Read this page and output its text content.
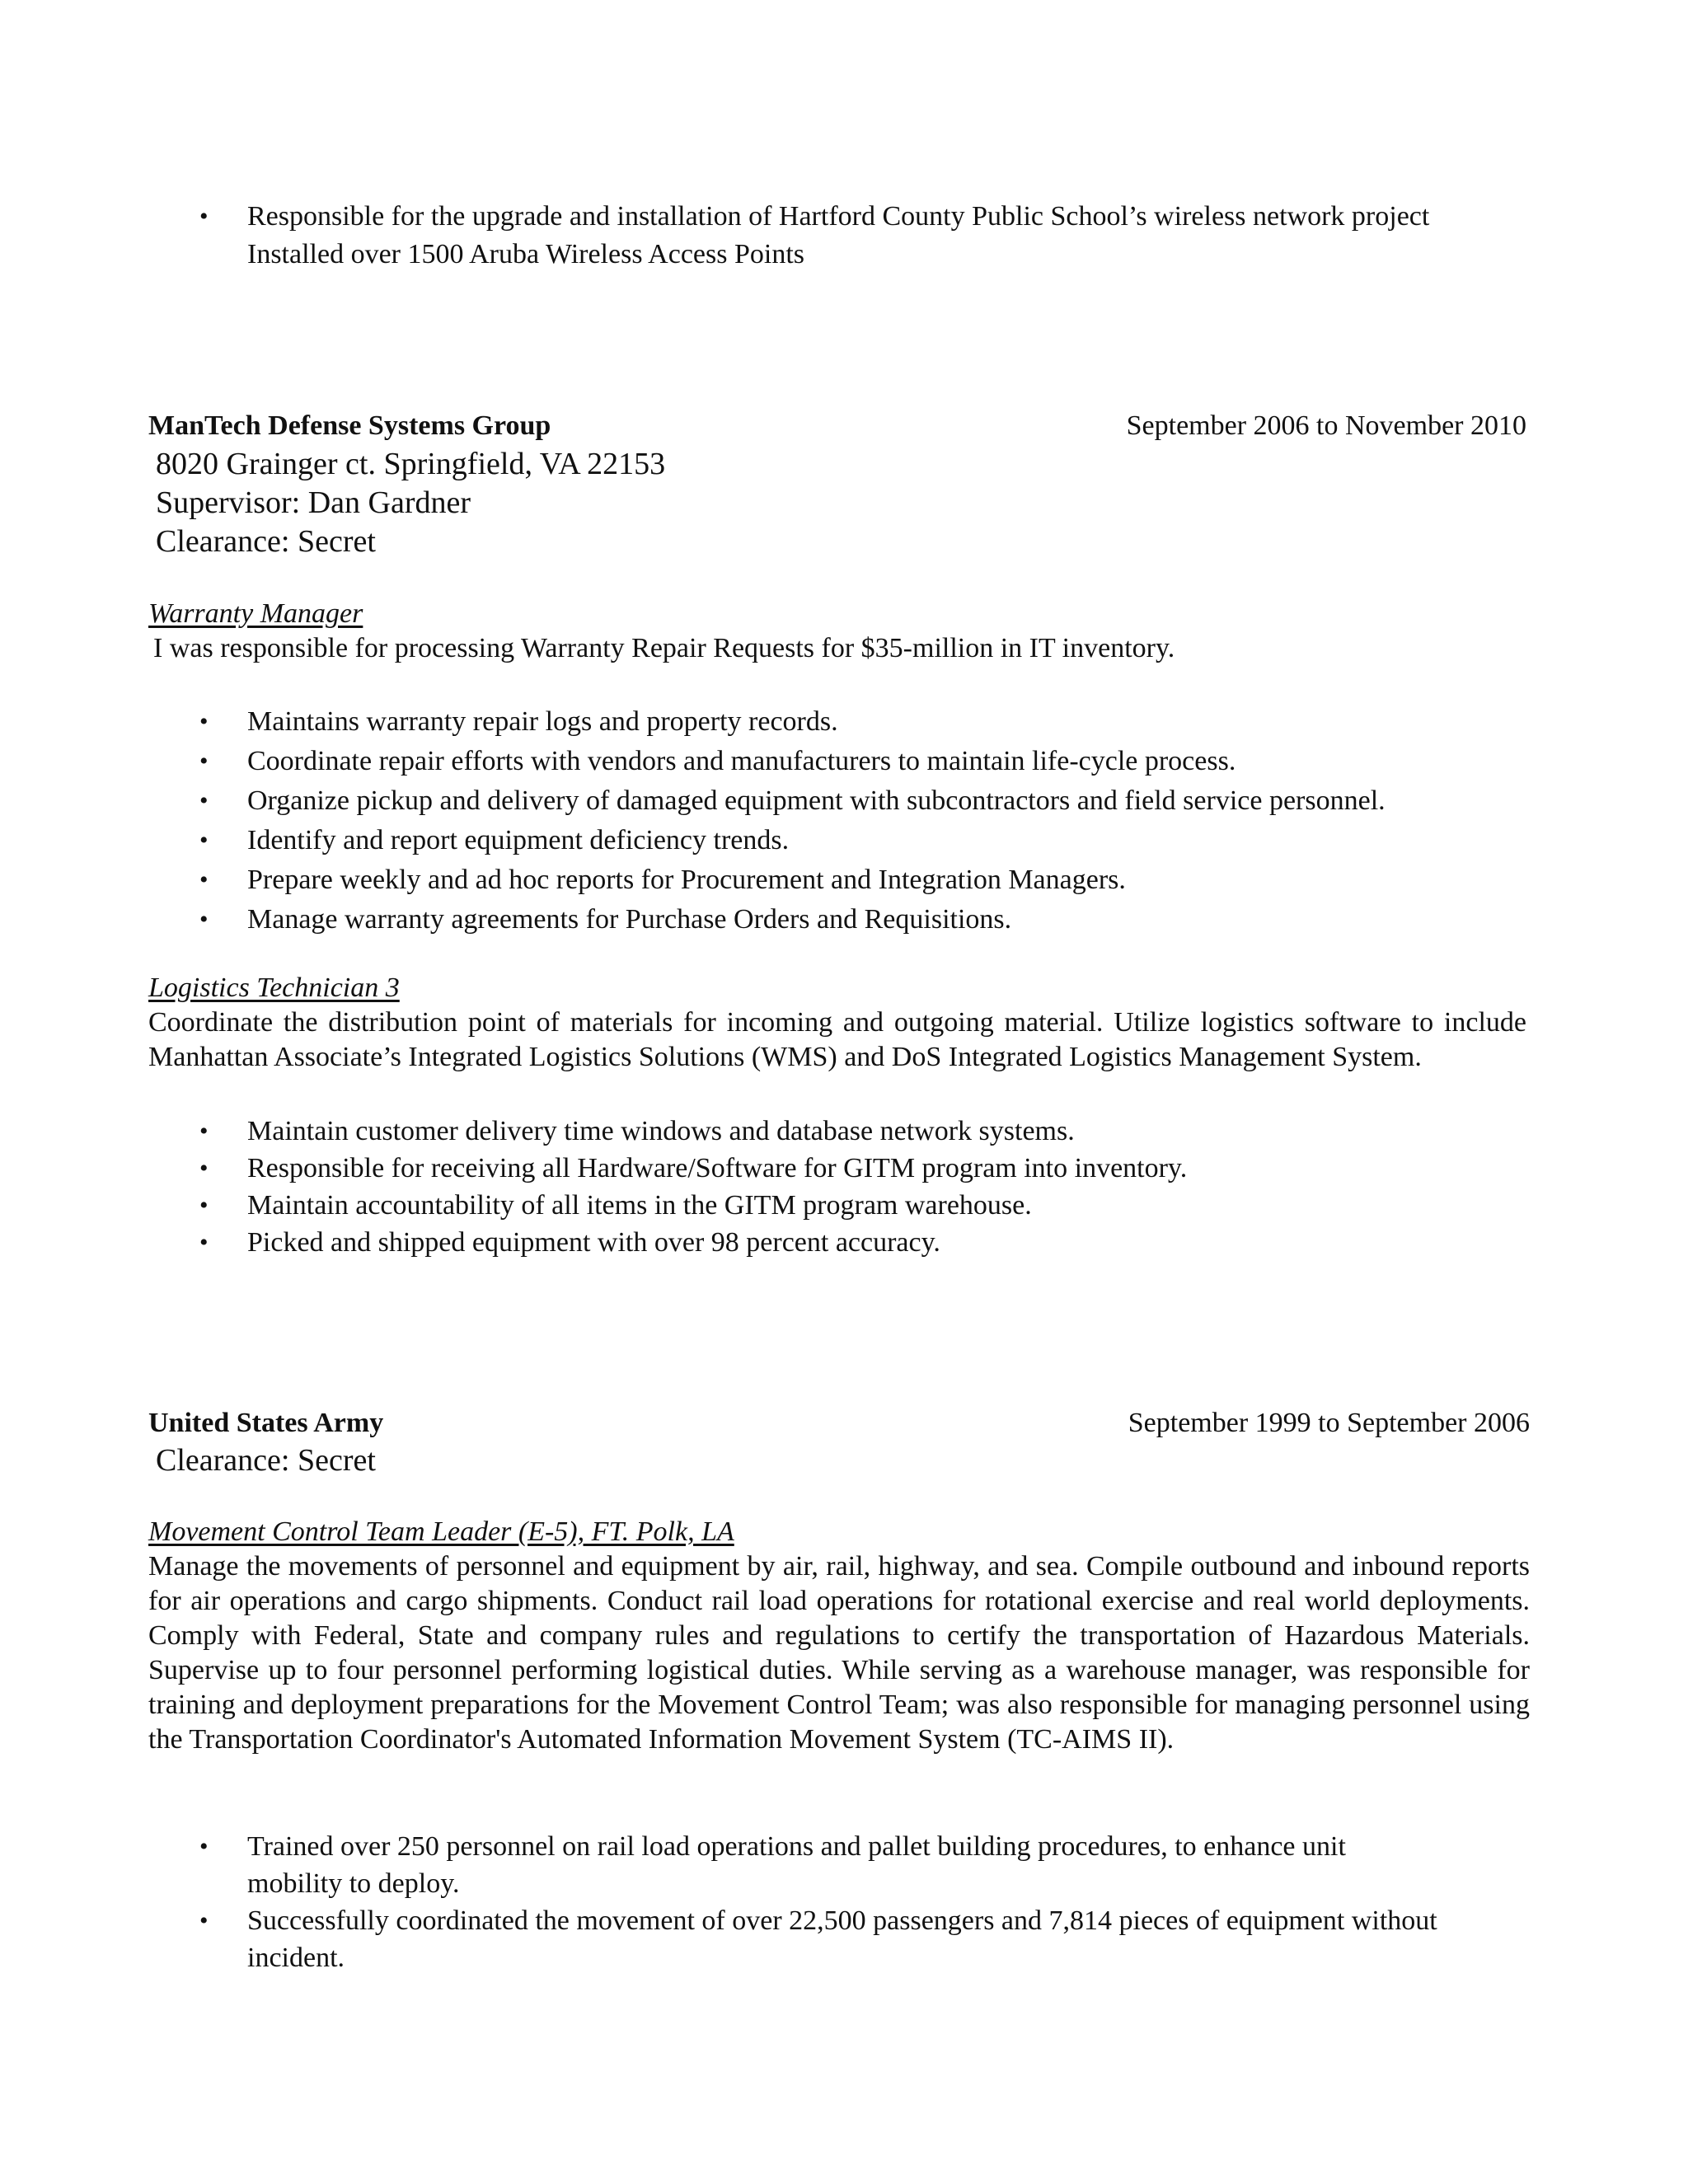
• Responsible for the upgrade and installation of Hartford County Public School’s wireless network project Installed over 1500 Aruba Wireless Access Points
ManTech Defense Systems Group	September 2006 to November 2010
8020 Grainger ct. Springfield, VA 22153
Supervisor: Dan Gardner
Clearance: Secret
Warranty Manager
I was responsible for processing Warranty Repair Requests for $35-million in IT inventory.
• Maintains warranty repair logs and property records.
• Coordinate repair efforts with vendors and manufacturers to maintain life-cycle process.
• Organize pickup and delivery of damaged equipment with subcontractors and field service personnel.
• Identify and report equipment deficiency trends.
• Prepare weekly and ad hoc reports for Procurement and Integration Managers.
• Manage warranty agreements for Purchase Orders and Requisitions.
Logistics Technician 3
Coordinate the distribution point of materials for incoming and outgoing material. Utilize logistics software to include Manhattan Associate’s Integrated Logistics Solutions (WMS) and DoS Integrated Logistics Management System.
• Maintain customer delivery time windows and database network systems.
• Responsible for receiving all Hardware/Software for GITM program into inventory.
• Maintain accountability of all items in the GITM program warehouse.
• Picked and shipped equipment with over 98 percent accuracy.
United States Army	September 1999 to September 2006
Clearance: Secret
Movement Control Team Leader (E-5), FT. Polk, LA
Manage the movements of personnel and equipment by air, rail, highway, and sea. Compile outbound and inbound reports for air operations and cargo shipments. Conduct rail load operations for rotational exercise and real world deployments. Comply with Federal, State and company rules and regulations to certify the transportation of Hazardous Materials. Supervise up to four personnel performing logistical duties. While serving as a warehouse manager, was responsible for training and deployment preparations for the Movement Control Team; was also responsible for managing personnel using the Transportation Coordinator's Automated Information Movement System (TC-AIMS II).
• Trained over 250 personnel on rail load operations and pallet building procedures, to enhance unit mobility to deploy.
• Successfully coordinated the movement of over 22,500 passengers and 7,814 pieces of equipment without incident.
